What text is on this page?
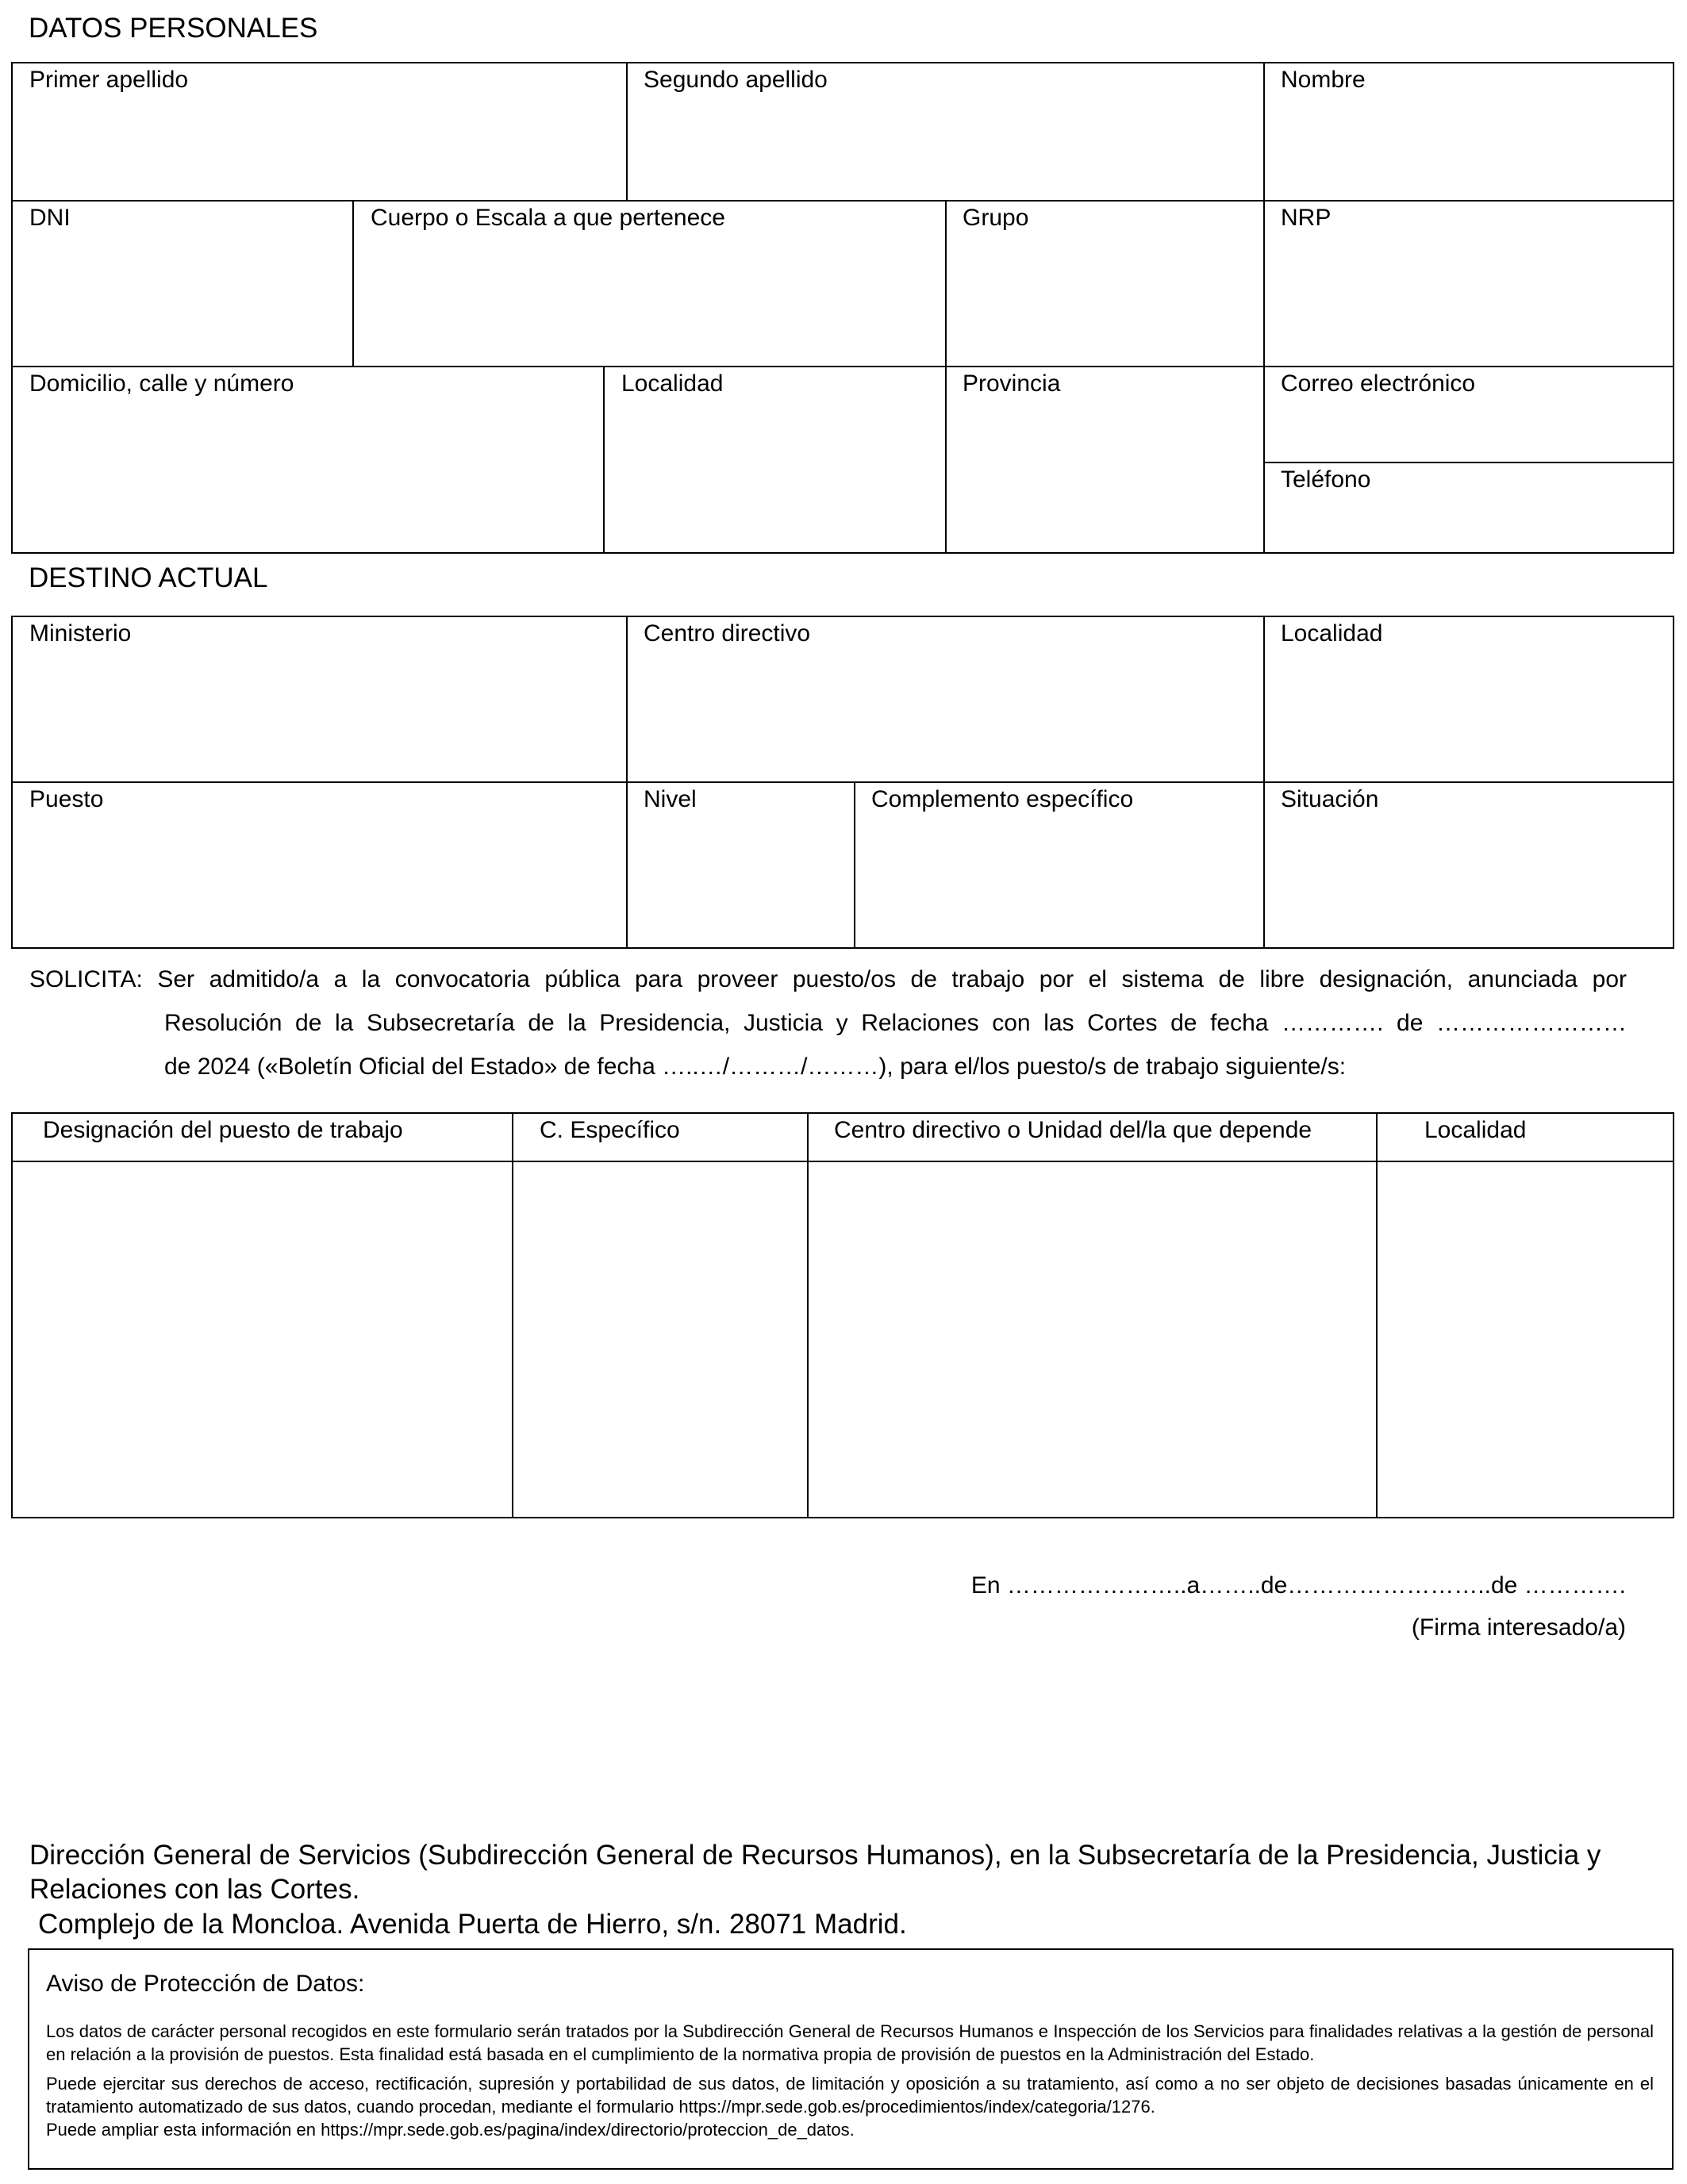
DATOS PERSONALES
Primer apellido	Segundo apellido	Nombre
DNI	Cuerpo o Escala a que pertenece	Grupo	NRP
Domicilio, calle y número	Localidad	Provincia	Correo electrónico
Teléfono
DESTINO ACTUAL
Ministerio	Centro directivo	Localidad
Puesto	Nivel	Complemento específico	Situación
SOLICITA: Ser admitido/a a la convocatoria pública para proveer puesto/os de trabajo por el sistema de libre designación, anunciada por
Resolución de la Subsecretaría de la Presidencia, Justicia y Relaciones con las Cortes de fecha …………. de ……………………
de 2024 («Boletín Oficial del Estado» de fecha …..…/………/………), para el/los puesto/s de trabajo siguiente/s:
Designación del puesto de trabajo	C. Específico	Centro directivo o Unidad del/la que depende	Localidad
En …………………..a……..de……………………..de ………….
(Firma interesado/a)
Dirección General de Servicios (Subdirección General de Recursos Humanos), en la Subsecretaría de la Presidencia, Justicia y Relaciones con las Cortes.
Complejo de la Moncloa. Avenida Puerta de Hierro, s/n. 28071 Madrid.
Aviso de Protección de Datos:
Los datos de carácter personal recogidos en este formulario serán tratados por la Subdirección General de Recursos Humanos e Inspección de los Servicios para finalidades relativas a la gestión de personal en relación a la provisión de puestos. Esta finalidad está basada en el cumplimiento de la normativa propia de provisión de puestos en la Administración del Estado.
Puede ejercitar sus derechos de acceso, rectificación, supresión y portabilidad de sus datos, de limitación y oposición a su tratamiento, así como a no ser objeto de decisiones basadas únicamente en el tratamiento automatizado de sus datos, cuando procedan, mediante el formulario https://mpr.sede.gob.es/procedimientos/index/categoria/1276.
Puede ampliar esta información en https://mpr.sede.gob.es/pagina/index/directorio/proteccion_de_datos.
